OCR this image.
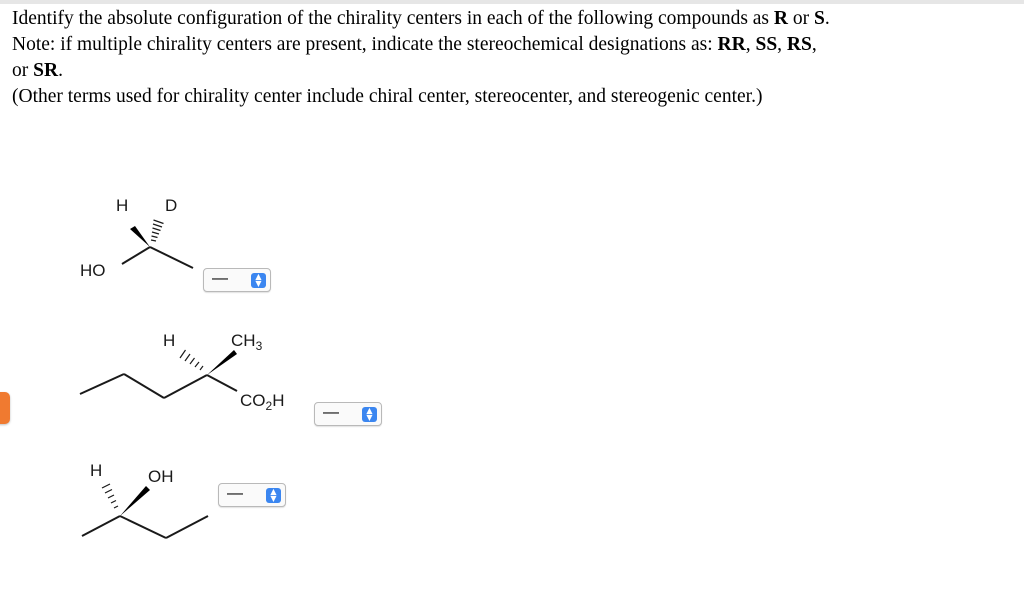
Identify the absolute configuration of the chirality centers in each of the following compounds as R or S.
Note: if multiple chirality centers are present, indicate the stereochemical designations as: RR, SS, RS,
or SR.
(Other terms used for chirality center include chiral center, stereocenter, and stereogenic center.)
H D
HO
H	$CH_3$
$CO_2H$
H	OH
—	▲
▼
—	▲
▼
—	▲
▼
